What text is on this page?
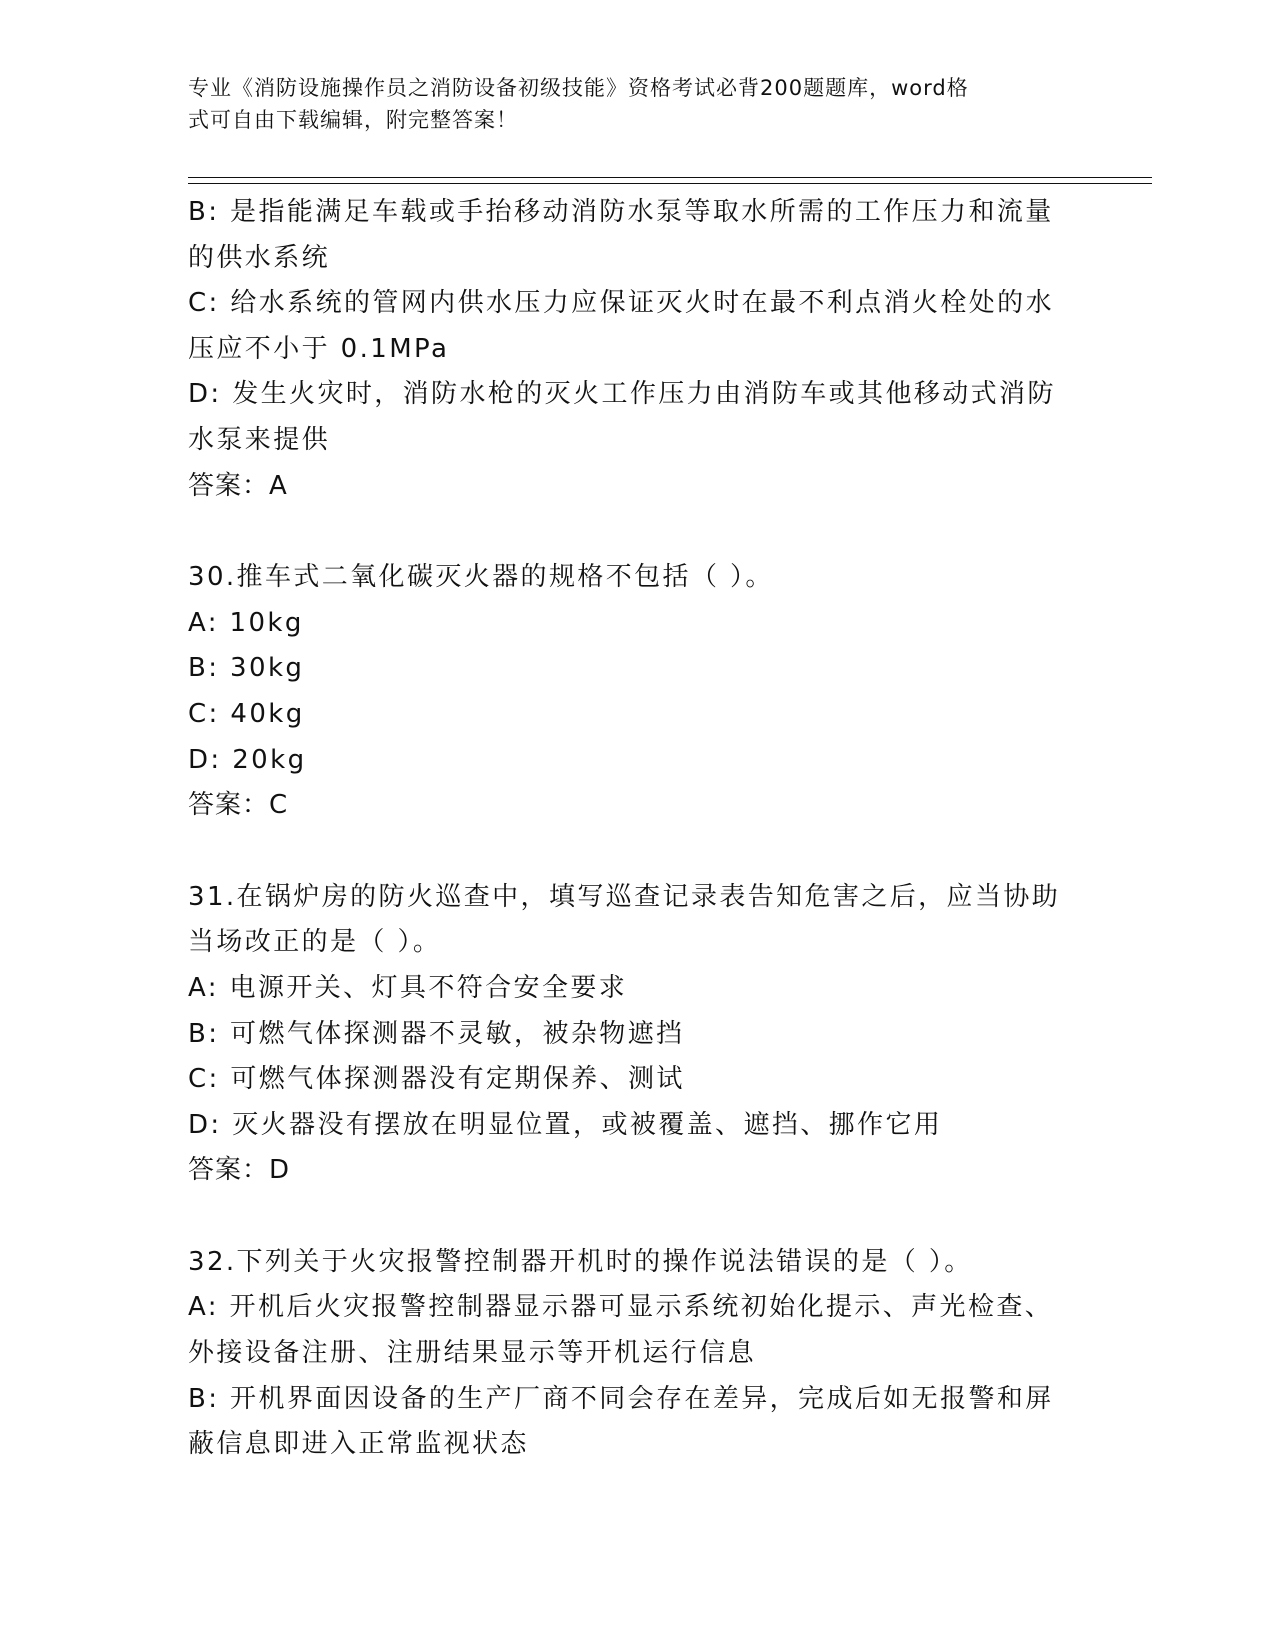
专业《消防设施操作员之消防设备初级技能》资格考试必背200题题库，word格
式可自由下载编辑，附完整答案！

B: 是指能满足车载或手抬移动消防水泵等取水所需的工作压力和流量

的供水系统

C: 给水系统的管网内供水压力应保证灭火时在最不利点消火栓处的水

压应不小于 0.1MPa

D: 发生火灾时，消防水枪的灭火工作压力由消防车或其他移动式消防

水泵来提供

答案：A

30.推车式二氧化碳灭火器的规格不包括（ ）。

A: 10kg

B: 30kg

C: 40kg

D: 20kg

答案：C

31.在锅炉房的防火巡查中，填写巡查记录表告知危害之后，应当协助

当场改正的是（ ）。

A: 电源开关、灯具不符合安全要求

B: 可燃气体探测器不灵敏，被杂物遮挡

C: 可燃气体探测器没有定期保养、测试

D: 灭火器没有摆放在明显位置，或被覆盖、遮挡、挪作它用

答案：D

32.下列关于火灾报警控制器开机时的操作说法错误的是（ ）。

A: 开机后火灾报警控制器显示器可显示系统初始化提示、声光检查、

外接设备注册、注册结果显示等开机运行信息

B: 开机界面因设备的生产厂商不同会存在差异，完成后如无报警和屏

蔽信息即进入正常监视状态
